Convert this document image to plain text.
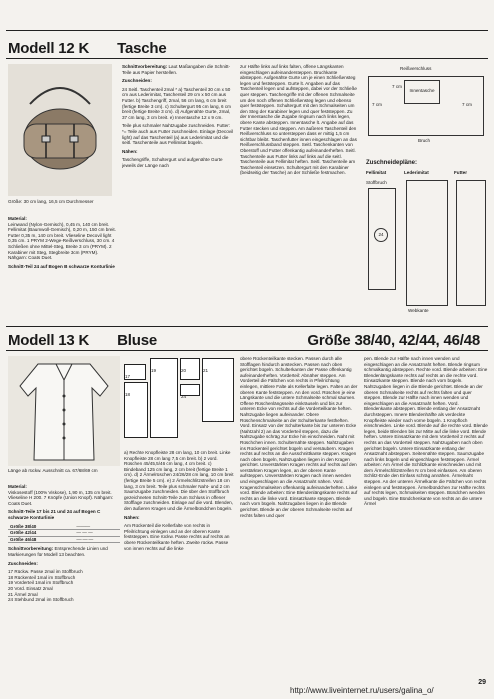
Modell 12 K Tasche
Größe: 30 cm lang, 16,5 cm Durchmesser

Material:
Leinwand (Nylon-Gemisch), 0,45 m, 140 cm breit. Fellimitat (Baumwoll-Gemisch), 0,20 m, 150 cm breit. Futter 0,35 m, 140 cm breit. Vlieseline Decovil light 0,35 cm. 1 PRYM 2-Wege-Reißverschluss, 30 cm. 4 Schließen ohne Mittel-Steg, Breite 3 cm (PRYM). 2 Karabiner mit Steg, Stegbreite 3cm (PRYM). Nähgarn: Coats Duet.

Schnitt-Teil 24 auf Bogen B schwarze Konturlinie

Schnittvorbereitung: Laut Maßangaben die Schnitt-Teile aus Papier herstellen.

Zuschneiden:

24 Seitl. Taschenteil 2mal * a) Taschenteil 30 cm x 50 cm aus Lederimitat, Taschenteil 29 cm x 50 cm aus Futter. b) Taschengriff, 2mal, 56 cm lang, 6 cm breit (fertige Breite 3 cm). c) Schultergurt 95 cm lang, 6 cm breit (fertige Breite 3 cm). d) Aufgenähte Gurte, 2mal, 37 cm lang, 3 cm breit. e) Innentasche 12 x 9 cm.

Teile plus schmaler Nahtzugabe zuschneiden. Futter: *= Teile auch aus Futter zuschneiden. Einlage (Decovil light) auf das Taschenteil (a) aus Lederimitat und die seitl. Taschenteile aus Fellimitat bügeln.

Nähen:

Taschengriffe, Schultergurt und aufgenähte Gurte jeweils der Länge nach

zur Hälfte links auf links falten, offene Längskanten eingeschlagen aufeinandersteppen. Bruchkante absteppen. Aufgenähte Gurte um je einen Schließensteg legen und feststeppen. Gurte lt. Angaben auf das Taschenteil legen und aufsteppen, dabei vor der Schließe quer steppen. Taschengriffe mit der offenen Schmalseite um den noch offenen Schließensteg legen und ebenso quer feststeppen. Schultergurt mit den Schmalseiten um den Steg der Karabiner legen und quer feststeppen. Zu der Innentasche die Zugabe ringsum nach links legen, obere Kante absteppen. Innentasche lt. Angabe auf das Futter stecken und steppen. Am äußeren Taschenteil den Reißverschluss so untersteppen dass er mittig 1,5 cm sichtbar bleibt. Taschenfutter innen eingeschlagen an das Reißverschlussband steppen. Seitl. Taschenkanten von Oberstoff und Futter offenkantig aufeinanderheften. Seitl. Taschenteile aus Futter links auf links auf die seitl. Taschenteile aus Fellimitat heften. Seitl. Taschenteile am Taschenteil einsetzen. Schultergurt mit den Karabiner (beidseitig der Tasche) an der Schließe festmachen.
Reißverschluss
Innentasche
7 cm	7 cm
7 cm
Bruch
Zuschneidepläne:
Fellimitat	Lederimitat	Futter
Stoffbruch
24
Webkante
Modell 13 K Bluse	Größe 38/40, 42/44, 46/48
Länge ab rückw. Ausschnitt ca. 67/68/69 cm

Material:
Viskosestoff (100% Viskose), 1,90 m, 135 cm breit. Vlieseline H 200. 7 Knöpfe (Union Knopf). Nähgarn: Coats Duet.

Schnitt-Teile 17 bis 21 und 24 auf Bogen C schwarze Konturlinie

Größe 38/40	———
Größe 42/44	— — —
Größe 46/48	—·—·—

Schnittvorbereitung: Entsprechende Linien und Markierungen für Modell 13 beachten.

Zuschneiden:

17 Rückw. Passe 2mal im Stoffbruch
18 Rückenteil 1mal im Stoffbruch
19 Vorderteil 1mal im Stoffbruch
20 Vord. Einsatz 2mal
21 Ärmel 2mal
24 Stehbund 2mal im Stoffbruch
17
18
19	20	21
24

a) Rechte Knopfleiste 28 cm lang, 10 cm breit. Linke Knopfleiste 28 cm lang 7,5 cm breit. b) 2 vord. Rüschen 45/45,5/46 cm lang, 4 cm breit. c) Bindeband 125 cm lang, 2 cm breit (fertige Breite 1 cm). d) 2 Ärmelrüschen 24/26/28 cm lang, 10 cm breit (fertige Breite 5 cm). e) 2 Ärmelschlitzstreifen 18 cm lang, 3 cm breit. Teile plus schmaler Naht- und 2 cm Saumzugabe zuschneiden. Die über den Stoffbruch gezeichneten Schnitt-Teile zum Schluss in offener Stofflage zuschneiden. Einlage auf die vord. Blenden, den äußeren Kragen und die Ärmelbündchen bügeln.

Nähen:

Am Rückenteil die Kellerfalte von rechts in Pfeilrichtung einlegen und an der oberen Kante feststeppen. Eine rückw. Passe rechts auf rechts an obere Rückenteilkante heften. Zweite rückw. Passe von innen rechts auf die linke

obere Rückenteilkante stecken. Passen durch alle Stofflagen hindurch anstecken. Passen nach oben gerichtet bügeln. Schulterkanten der Passe offenkantig aufeinanderheften. Vorderteil: Abnäher steppen. Am Vorderteil die Fältchen von rechts in Pfeilrichtung einlegen, mittlere Falte als Kellerfalte legen. Falten an der oberen Kante feststeppen. An den vord. Rüschen je eine Längskante und die untere Schmalseite schmal säumen. Offene Rüschenlängsseite einkräuseln und bis zur unteren Ecke von rechts auf die Vorderteilkante heften. Nahtzugabe liegen aufeinander. Obere Rüschenschmalseite an der Schulterkante festheften. Vord. Einsatz von der Schulterkante bis zur unteren Ecke (Nahtzahl 2) an das Vorderteil steppen, dazu die Nahtzugabe schräg zur Ecke hin einschneiden. Naht mit Rüschchen innen. Schulternähte steppen. Nahtzugaben ins Rückenteil gerichtet bügeln und versäubern. Kragen rechts auf rechts an die Ausschnittkante steppen. Kragen nach oben bügeln, Nahtzugaben liegen in den Kragen gerichtet. Unverstärkten Kragen rechts auf rechts auf den verstärkten Kragen legen, an der oberen Kante aufsteppen. Unverstärkten Kragen nach innen wenden und eingeschlagen an die Ansatznaht nähen. Vord. Kragenschmalseiten offenkantig aufeinanderheften. Linke vord. Blende arbeiten: Eine Blendenlängskante rechts auf rechts an die linke vord. Einsatzkante steppen. Blende nach vorn bügeln. Nahtzugaben liegen in die Blende gerichtet. Blende an der oberen Schmalseite rechts auf rechts falten und quer
pen. Blende zur Hälfte nach innen wenden und eingeschlagen an die Ansatznaht heften. Blende ringsum schmalkantig absteppen. Rechte vord. Blende arbeiten: Eine Blendenlängskante rechts auf rechts an die rechte vord. Einsatzkante steppen. Blende nach vorn bügeln. Nahtzugaben liegen in die Blende gerichtet. Blende an der oberen Schmalseite rechts auf rechts falten und quer steppen. Blende zur Hälfte nach innen wenden und eingeschlagen an die Ansatznaht heften. Vord. Blendenkante absteppen. Blende entlang der Ansatznaht durchsteppen. Innere Blendenhälfte als verdeckte Knopfleiste wieder nach vorne bügeln. 1 Knopfloch einschneiden. Linke vord. Blende auf die rechte vord. Blende legen, beide Blenden bis zur Mitte auf die linke vord. Blende heften. Untere Einsatzkante mit dem Vorderteil 2 rechts auf rechts an das Vorderteil steppen. Nahtzugaben nach oben gerichtet bügeln. Untere Einsatzkante entlang der Ansatznaht absteppen. Seitennähte steppen. Saumzugabe nach links bügeln und eingeschlagen feststeppen. Ärmel arbeiten: Am Ärmel die Schlitzkante einschneiden und mit dem Ärmelschlitzstreifen N cm breit einfassen. Am oberen Schlitz-Ende den Einfass schräg annähen. Ärmelnaht steppen. An der unteren Ärmelkante die Fältchen von rechts einlegen und feststeppen. Ärmelbündchen zur Hälfte rechts auf rechts legen, Schmalseiten steppen. Bündchen wenden und bügeln. Eine Bündchenkante von rechts an die untere Ärmel
29
http://www.liveinternet.ru/users/galina_o/
